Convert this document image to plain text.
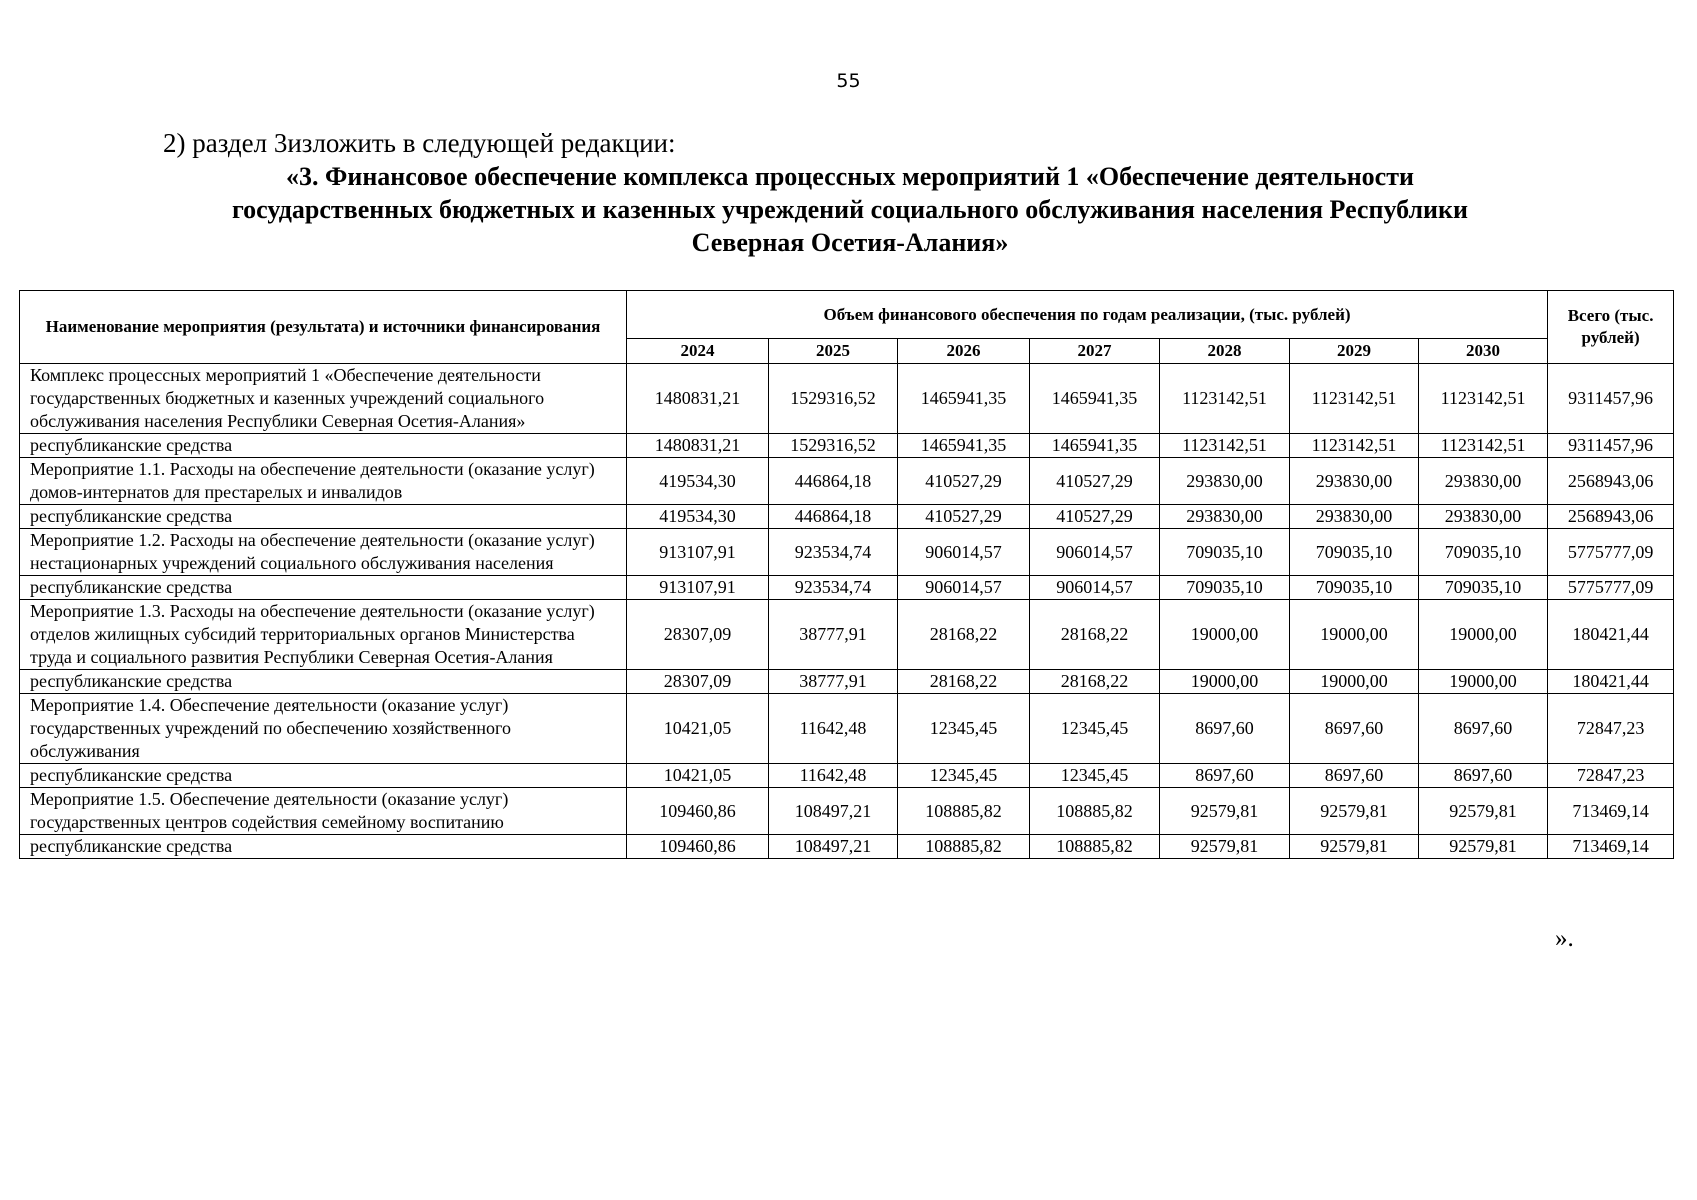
55
2) раздел 3изложить в следующей редакции:
«3. Финансовое обеспечение комплекса процессных мероприятий 1 «Обеспечение деятельности
государственных бюджетных и казенных учреждений социального обслуживания населения Республики
Северная Осетия-Алания»
Наименование мероприятия (результата) и источники финансирования	Объем финансового обеспечения по годам реализации, (тыс. рублей)							Всего (тыс. рублей)
	2024	2025	2026	2027	2028	2029	2030	
Комплекс процессных мероприятий 1 «Обеспечение деятельности государственных бюджетных и казенных учреждений социального обслуживания населения Республики Северная Осетия-Алания»	1480831,21	1529316,52	1465941,35	1465941,35	1123142,51	1123142,51	1123142,51	9311457,96
республиканские средства	1480831,21	1529316,52	1465941,35	1465941,35	1123142,51	1123142,51	1123142,51	9311457,96
Мероприятие 1.1. Расходы на обеспечение деятельности (оказание услуг) домов-интернатов для престарелых и инвалидов	419534,30	446864,18	410527,29	410527,29	293830,00	293830,00	293830,00	2568943,06
республиканские средства	419534,30	446864,18	410527,29	410527,29	293830,00	293830,00	293830,00	2568943,06
Мероприятие 1.2. Расходы на обеспечение деятельности (оказание услуг) нестационарных учреждений социального обслуживания населения	913107,91	923534,74	906014,57	906014,57	709035,10	709035,10	709035,10	5775777,09
республиканские средства	913107,91	923534,74	906014,57	906014,57	709035,10	709035,10	709035,10	5775777,09
Мероприятие 1.3. Расходы на обеспечение деятельности (оказание услуг) отделов жилищных субсидий территориальных органов Министерства труда и социального развития Республики Северная Осетия-Алания	28307,09	38777,91	28168,22	28168,22	19000,00	19000,00	19000,00	180421,44
республиканские средства	28307,09	38777,91	28168,22	28168,22	19000,00	19000,00	19000,00	180421,44
Мероприятие 1.4. Обеспечение деятельности (оказание услуг) государственных учреждений по обеспечению хозяйственного обслуживания	10421,05	11642,48	12345,45	12345,45	8697,60	8697,60	8697,60	72847,23
республиканские средства	10421,05	11642,48	12345,45	12345,45	8697,60	8697,60	8697,60	72847,23
Мероприятие 1.5. Обеспечение деятельности (оказание услуг) государственных центров содействия семейному воспитанию	109460,86	108497,21	108885,82	108885,82	92579,81	92579,81	92579,81	713469,14
республиканские средства	109460,86	108497,21	108885,82	108885,82	92579,81	92579,81	92579,81	713469,14
».
